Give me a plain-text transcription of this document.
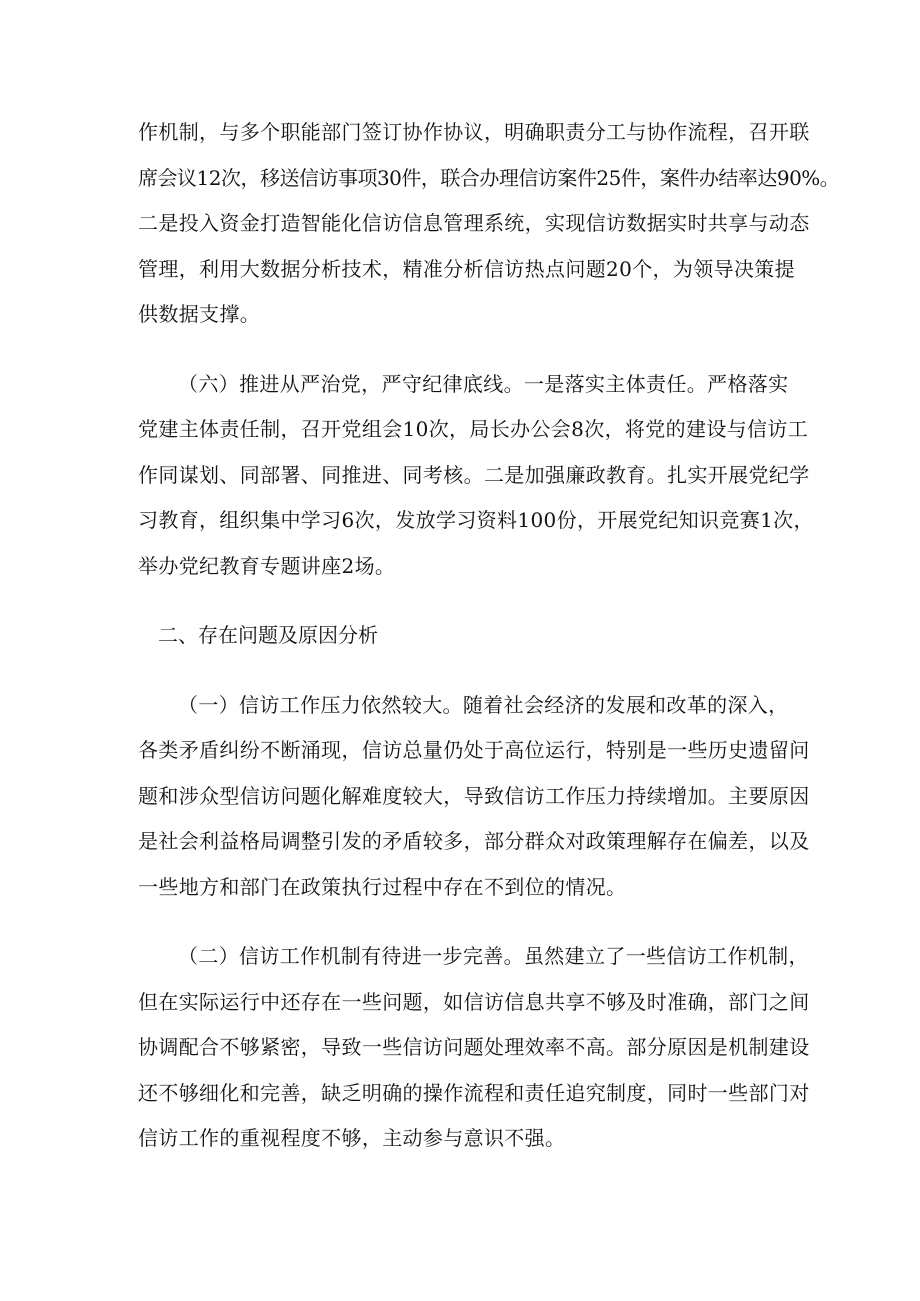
作机制，与多个职能部门签订协作协议，明确职责分工与协作流程，召开联
席会议12次，移送信访事项30件，联合办理信访案件25件，案件办结率达90%。
二是投入资金打造智能化信访信息管理系统，实现信访数据实时共享与动态
管理，利用大数据分析技术，精准分析信访热点问题20个，为领导决策提
供数据支撑。
（六）推进从严治党，严守纪律底线。一是落实主体责任。严格落实
党建主体责任制，召开党组会10次，局长办公会8次，将党的建设与信访工
作同谋划、同部署、同推进、同考核。二是加强廉政教育。扎实开展党纪学
习教育，组织集中学习6次，发放学习资料100份，开展党纪知识竞赛1次，
举办党纪教育专题讲座2场。
二、存在问题及原因分析
（一）信访工作压力依然较大。随着社会经济的发展和改革的深入，
各类矛盾纠纷不断涌现，信访总量仍处于高位运行，特别是一些历史遗留问
题和涉众型信访问题化解难度较大，导致信访工作压力持续增加。主要原因
是社会利益格局调整引发的矛盾较多，部分群众对政策理解存在偏差，以及
一些地方和部门在政策执行过程中存在不到位的情况。
（二）信访工作机制有待进一步完善。虽然建立了一些信访工作机制，
但在实际运行中还存在一些问题，如信访信息共享不够及时准确，部门之间
协调配合不够紧密，导致一些信访问题处理效率不高。部分原因是机制建设
还不够细化和完善，缺乏明确的操作流程和责任追究制度，同时一些部门对
信访工作的重视程度不够，主动参与意识不强。
